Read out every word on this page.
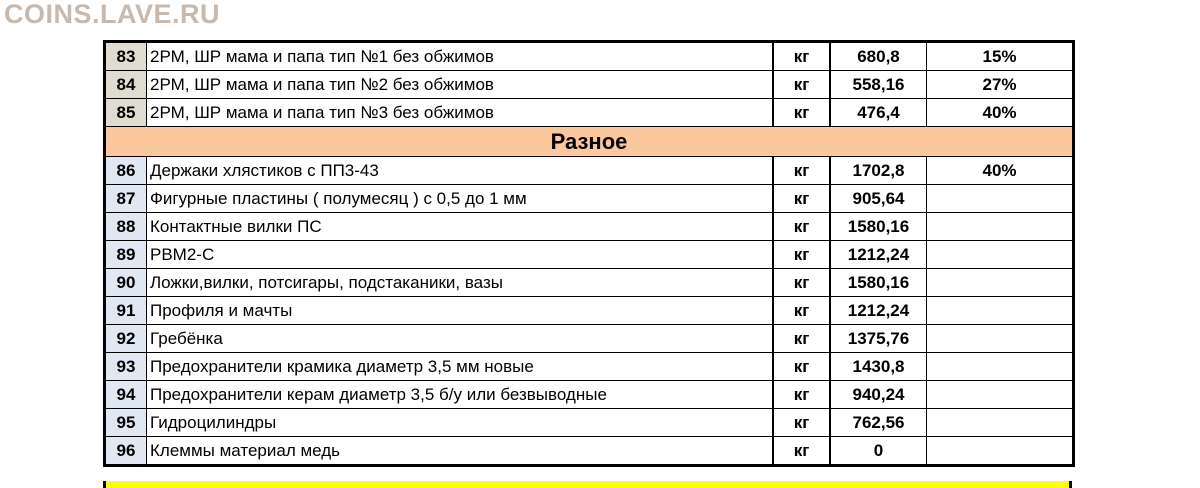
COINS.LAVE.RU
83	2РМ, ШР мама и папа тип №1 без обжимов	кг	680,8	15%
84	2РМ, ШР мама и папа тип №2 без обжимов	кг	558,16	27%
85	2РМ, ШР мама и папа тип №3 без обжимов	кг	476,4	40%
Разное				
86	Держаки хлястиков с ПП3-43	кг	1702,8	40%
87	Фигурные пластины ( полумесяц ) с 0,5 до 1 мм	кг	905,64	
88	Контактные вилки ПС	кг	1580,16	
89	РВМ2-С	кг	1212,24	
90	Ложки,вилки, потсигары, подстаканики, вазы	кг	1580,16	
91	Профиля и мачты	кг	1212,24	
92	Гребёнка	кг	1375,76	
93	Предохранители крамика диаметр 3,5 мм новые	кг	1430,8	
94	Предохранители керам диаметр 3,5 б/у или безвыводные	кг	940,24	
95	Гидроцилиндры	кг	762,56	
96	Клеммы материал медь	кг	0	
